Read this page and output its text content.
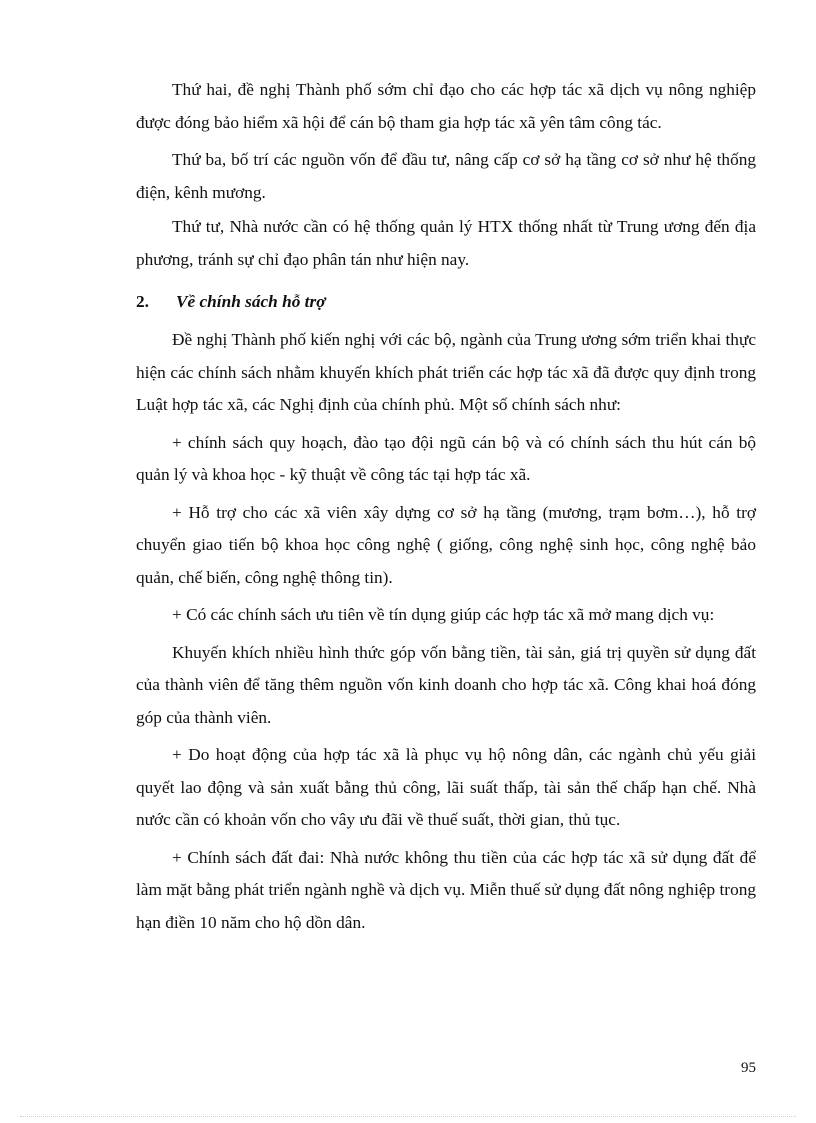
Thứ hai, đề nghị Thành phố sớm chỉ đạo cho các hợp tác xã dịch vụ nông nghiệp được đóng bảo hiểm xã hội để cán bộ tham gia hợp tác xã yên tâm công tác.

Thứ ba, bố trí các nguồn vốn để đầu tư, nâng cấp cơ sở hạ tầng cơ sở như hệ thống điện, kênh mương.

Thứ tư, Nhà nước cần có hệ thống quản lý HTX thống nhất từ Trung ương đến địa phương, tránh sự chỉ đạo phân tán như hiện nay.

2.	Về chính sách hỗ trợ

Đề nghị Thành phố kiến nghị với các bộ, ngành của Trung ương sớm triển khai thực hiện các chính sách nhằm khuyến khích phát triển các hợp tác xã đã được quy định trong Luật hợp tác xã, các Nghị định của chính phủ. Một số chính sách như:

+ chính sách quy hoạch, đào tạo đội ngũ cán bộ và có chính sách thu hút cán bộ quản lý và khoa học - kỹ thuật về công tác tại hợp tác xã.

+ Hỗ trợ cho các xã viên xây dựng cơ sở hạ tầng (mương, trạm bơm…), hỗ trợ chuyển giao tiến bộ khoa học công nghệ ( giống, công nghệ sinh học, công nghệ bảo quản, chế biến, công nghệ thông tin).

+ Có các chính sách ưu tiên về tín dụng giúp các hợp tác xã mở mang dịch vụ:

Khuyến khích nhiều hình thức góp vốn bằng tiền, tài sản, giá trị quyền sử dụng đất của thành viên để tăng thêm nguồn vốn kinh doanh cho hợp tác xã. Công khai hoá đóng góp của thành viên.

+ Do hoạt động của hợp tác xã là phục vụ hộ nông dân, các ngành chủ yếu giải quyết lao động và sản xuất bằng thủ công, lãi suất thấp, tài sản thế chấp hạn chế. Nhà nước cần có khoản vốn cho vây ưu đãi về thuế suất, thời gian, thủ tục.

+ Chính sách đất đai: Nhà nước không thu tiền của các hợp tác xã sử dụng đất để làm mặt bằng phát triển ngành nghề và dịch vụ. Miễn thuế sử dụng đất nông nghiệp trong hạn điền 10 năm cho hộ dồn dân.

95
